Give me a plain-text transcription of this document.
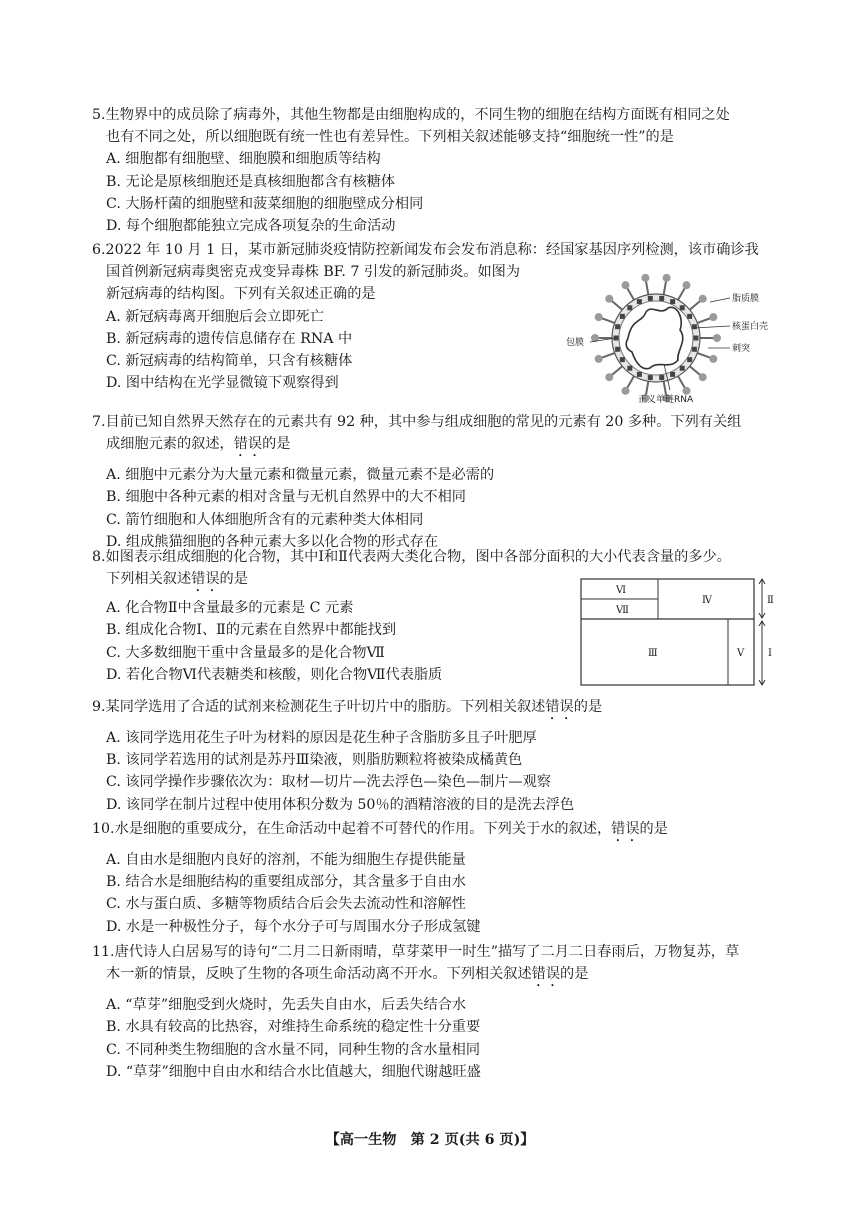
5.生物界中的成员除了病毒外，其他生物都是由细胞构成的，不同生物的细胞在结构方面既有相同之处

也有不同之处，所以细胞既有统一性也有差异性。下列相关叙述能够支持“细胞统一性”的是

A. 细胞都有细胞壁、细胞膜和细胞质等结构

B. 无论是原核细胞还是真核细胞都含有核糖体

C. 大肠杆菌的细胞壁和菠菜细胞的细胞壁成分相同

D. 每个细胞都能独立完成各项复杂的生命活动

6.2022 年 10 月 1 日，某市新冠肺炎疫情防控新闻发布会发布消息称：经国家基因序列检测，该市确诊我

国首例新冠病毒奥密克戎变异毒株 BF. 7 引发的新冠肺炎。如图为

新冠病毒的结构图。下列有关叙述正确的是

A. 新冠病毒离开细胞后会立即死亡

B. 新冠病毒的遗传信息储存在 RNA 中

C. 新冠病毒的结构简单，只含有核糖体

D. 图中结构在光学显微镜下观察得到

脂质膜
核蛋白壳
刺突
包膜
正义单链RNA

7.目前已知自然界天然存在的元素共有 92 种，其中参与组成细胞的常见的元素有 20 多种。下列有关组

成细胞元素的叙述，错误的是

A. 细胞中元素分为大量元素和微量元素，微量元素不是必需的

B. 细胞中各种元素的相对含量与无机自然界中的大不相同

C. 箭竹细胞和人体细胞所含有的元素种类大体相同

D. 组成熊猫细胞的各种元素大多以化合物的形式存在

8.如图表示组成细胞的化合物，其中Ⅰ和Ⅱ代表两大类化合物，图中各部分面积的大小代表含量的多少。

下列相关叙述错误的是

A. 化合物Ⅱ中含量最多的元素是 C 元素

B. 组成化合物Ⅰ、Ⅱ的元素在自然界中都能找到

C. 大多数细胞干重中含量最多的是化合物Ⅶ

D. 若化合物Ⅵ代表糖类和核酸，则化合物Ⅶ代表脂质

Ⅵ
Ⅶ
Ⅳ
Ⅲ	Ⅴ
Ⅱ
Ⅰ

9.某同学选用了合适的试剂来检测花生子叶切片中的脂肪。下列相关叙述错误的是

A. 该同学选用花生子叶为材料的原因是花生种子含脂肪多且子叶肥厚

B. 该同学若选用的试剂是苏丹Ⅲ染液，则脂肪颗粒将被染成橘黄色

C. 该同学操作步骤依次为：取材—切片—洗去浮色—染色—制片—观察

D. 该同学在制片过程中使用体积分数为 50％的酒精溶液的目的是洗去浮色

10.水是细胞的重要成分，在生命活动中起着不可替代的作用。下列关于水的叙述，错误的是

A. 自由水是细胞内良好的溶剂，不能为细胞生存提供能量

B. 结合水是细胞结构的重要组成部分，其含量多于自由水

C. 水与蛋白质、多糖等物质结合后会失去流动性和溶解性

D. 水是一种极性分子，每个水分子可与周围水分子形成氢键

11.唐代诗人白居易写的诗句“二月二日新雨晴，草芽菜甲一时生”描写了二月二日春雨后，万物复苏，草

木一新的情景，反映了生物的各项生命活动离不开水。下列相关叙述错误的是

A. “草芽”细胞受到火烧时，先丢失自由水，后丢失结合水

B. 水具有较高的比热容，对维持生命系统的稳定性十分重要

C. 不同种类生物细胞的含水量不同，同种生物的含水量相同

D. “草芽”细胞中自由水和结合水比值越大，细胞代谢越旺盛

【高一生物　第 2 页(共 6 页)】
